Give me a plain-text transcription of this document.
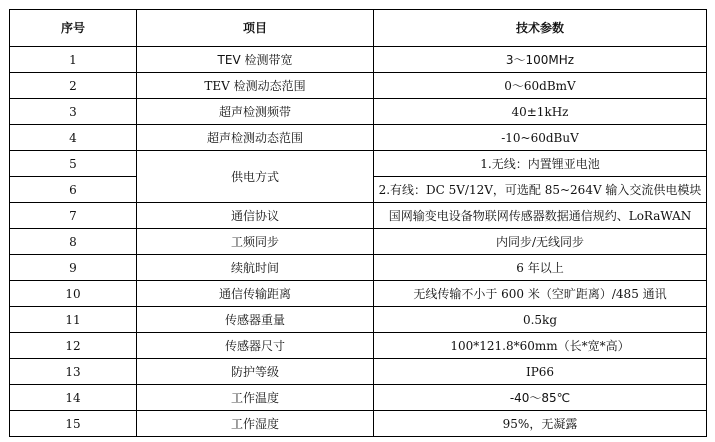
序号	项目	技术参数
1	TEV 检测带宽	3～100MHz
2	TEV 检测动态范围	0～60dBmV
3	超声检测频带	40±1kHz
4	超声检测动态范围	-10~60dBuV
5	供电方式	1.无线：内置锂亚电池
6		2.有线：DC 5V/12V，可选配 85~264V 输入交流供电模块
7	通信协议	国网输变电设备物联网传感器数据通信规约、LoRaWAN
8	工频同步	内同步/无线同步
9	续航时间	6 年以上
10	通信传输距离	无线传输不小于 600 米（空旷距离）/485 通讯
11	传感器重量	0.5kg
12	传感器尺寸	100*121.8*60mm（长*宽*高）
13	防护等级	IP66
14	工作温度	-40～85℃
15	工作湿度	95%，无凝露
